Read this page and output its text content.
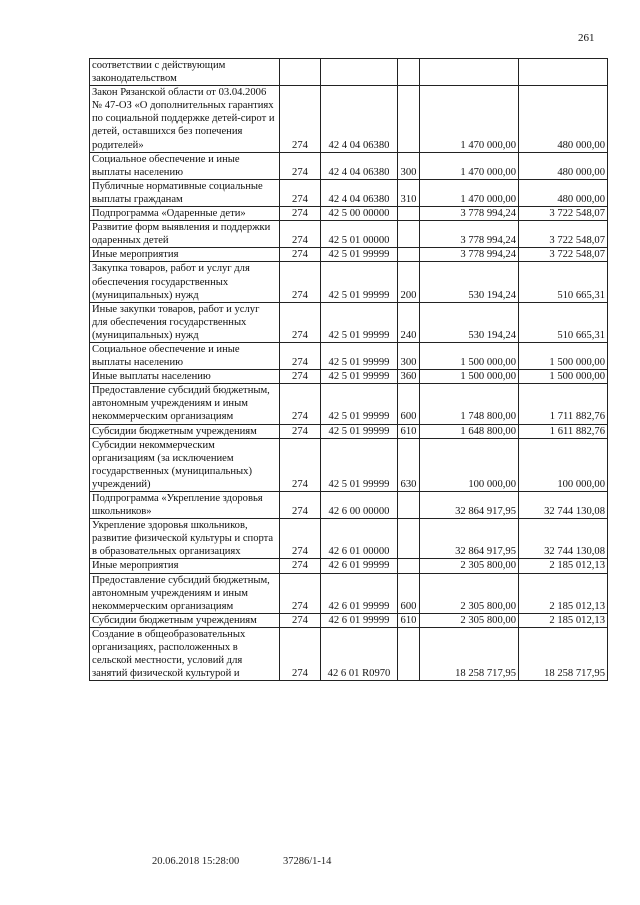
261
соответствии с действующим законодательством					
Закон Рязанской области от 03.04.2006 № 47-ОЗ «О дополнительных гарантиях по социальной поддержке детей-сирот и детей, оставшихся без попечения родителей»	274	42 4 04 06380		1 470 000,00	480 000,00
Социальное обеспечение и иные выплаты населению	274	42 4 04 06380	300	1 470 000,00	480 000,00
Публичные нормативные социальные выплаты гражданам	274	42 4 04 06380	310	1 470 000,00	480 000,00
Подпрограмма «Одаренные дети»	274	42 5 00 00000		3 778 994,24	3 722 548,07
Развитие форм выявления и поддержки одаренных детей	274	42 5 01 00000		3 778 994,24	3 722 548,07
Иные мероприятия	274	42 5 01 99999		3 778 994,24	3 722 548,07
Закупка товаров, работ и услуг для обеспечения государственных (муниципальных) нужд	274	42 5 01 99999	200	530 194,24	510 665,31
Иные закупки товаров, работ и услуг для обеспечения государственных (муниципальных) нужд	274	42 5 01 99999	240	530 194,24	510 665,31
Социальное обеспечение и иные выплаты населению	274	42 5 01 99999	300	1 500 000,00	1 500 000,00
Иные выплаты населению	274	42 5 01 99999	360	1 500 000,00	1 500 000,00
Предоставление субсидий бюджетным, автономным учреждениям и иным некоммерческим организациям	274	42 5 01 99999	600	1 748 800,00	1 711 882,76
Субсидии бюджетным учреждениям	274	42 5 01 99999	610	1 648 800,00	1 611 882,76
Субсидии некоммерческим организациям (за исключением государственных (муниципальных) учреждений)	274	42 5 01 99999	630	100 000,00	100 000,00
Подпрограмма «Укрепление здоровья школьников»	274	42 6 00 00000		32 864 917,95	32 744 130,08
Укрепление здоровья школьников, развитие физической культуры и спорта в образовательных организациях	274	42 6 01 00000		32 864 917,95	32 744 130,08
Иные мероприятия	274	42 6 01 99999		2 305 800,00	2 185 012,13
Предоставление субсидий бюджетным, автономным учреждениям и иным некоммерческим организациям	274	42 6 01 99999	600	2 305 800,00	2 185 012,13
Субсидии бюджетным учреждениям	274	42 6 01 99999	610	2 305 800,00	2 185 012,13
Создание в общеобразовательных организациях, расположенных в сельской местности, условий для занятий физической культурой и	274	42 6 01 R0970		18 258 717,95	18 258 717,95
20.06.2018 15:28:00	37286/1-14
